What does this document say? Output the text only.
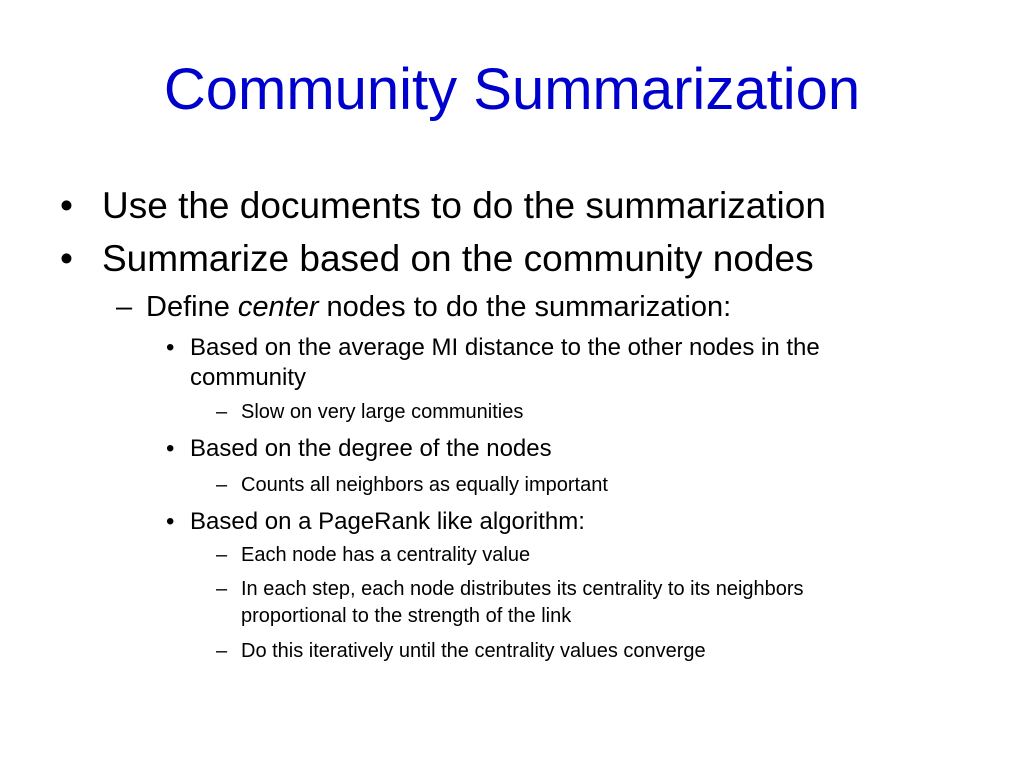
Community Summarization
• Use the documents to do the summarization
• Summarize based on the community nodes
– Define center nodes to do the summarization:
• Based on the average MI distance to the other nodes in the
community
– Slow on very large communities
• Based on the degree of the nodes
– Counts all neighbors as equally important
• Based on a PageRank like algorithm:
– Each node has a centrality value
– In each step, each node distributes its centrality to its neighbors
proportional to the strength of the link
– Do this iteratively until the centrality values converge
